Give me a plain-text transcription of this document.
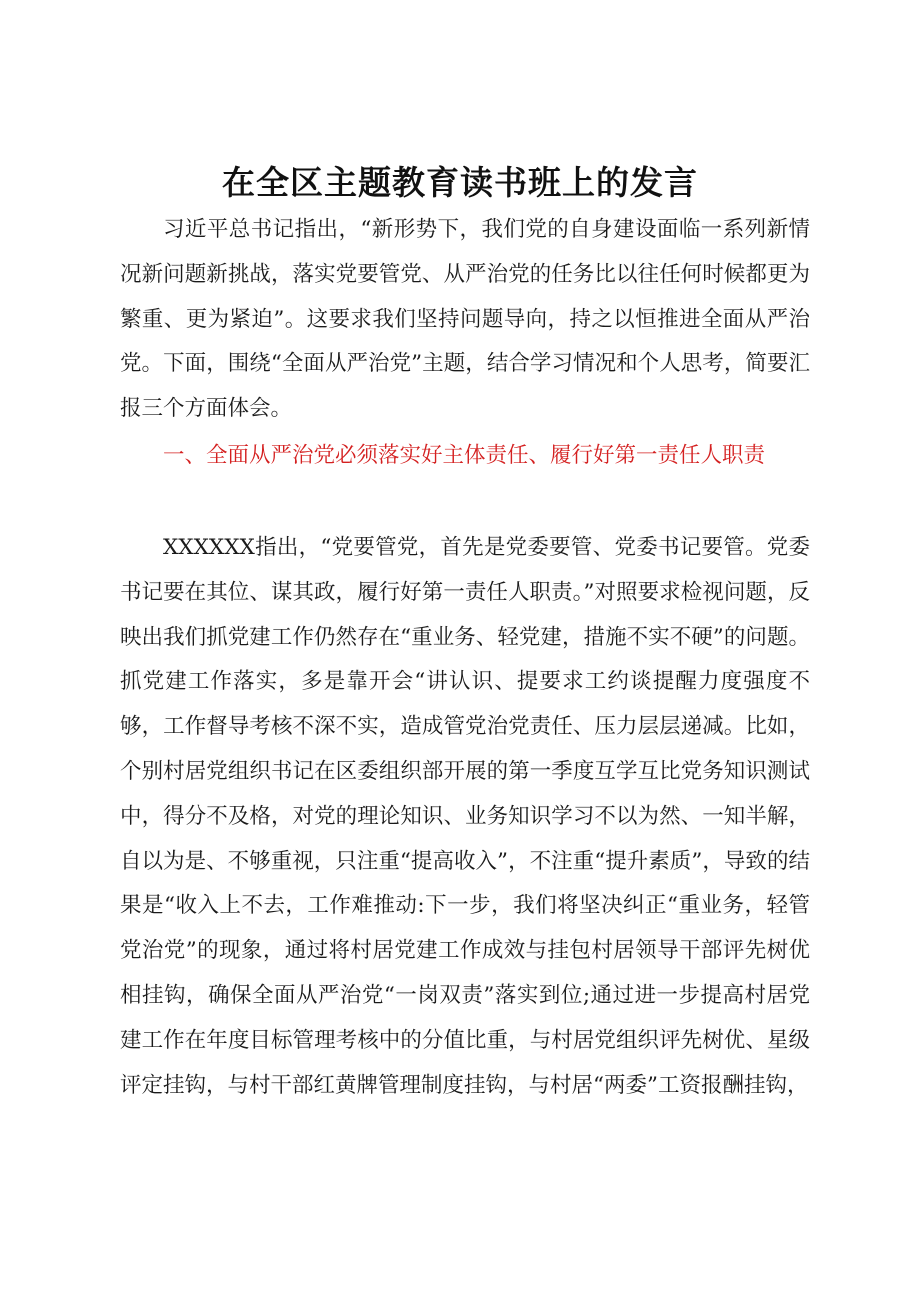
在全区主题教育读书班上的发言

习近平总书记指出，“新形势下，我们党的自身建设面临一系列新情况新问题新挑战，落实党要管党、从严治党的任务比以往任何时候都更为繁重、更为紧迫”。这要求我们坚持问题导向，持之以恒推进全面从严治党。下面，围绕“全面从严治党”主题，结合学习情况和个人思考，简要汇报三个方面体会。

一、全面从严治党必须落实好主体责任、履行好第一责任人职责

XXXXXX指出，“党要管党，首先是党委要管、党委书记要管。党委书记要在其位、谋其政，履行好第一责任人职责。”对照要求检视问题，反映出我们抓党建工作仍然存在“重业务、轻党建，措施不实不硬”的问题。抓党建工作落实，多是靠开会“讲认识、提要求工约谈提醒力度强度不够，工作督导考核不深不实，造成管党治党责任、压力层层递减。比如，个别村居党组织书记在区委组织部开展的第一季度互学互比党务知识测试中，得分不及格，对党的理论知识、业务知识学习不以为然、一知半解，自以为是、不够重视，只注重“提高收入”，不注重“提升素质”，导致的结果是“收入上不去，工作难推动:下一步，我们将坚决纠正“重业务，轻管党治党”的现象，通过将村居党建工作成效与挂包村居领导干部评先树优相挂钩，确保全面从严治党“一岗双责”落实到位;通过进一步提高村居党建工作在年度目标管理考核中的分值比重，与村居党组织评先树优、星级评定挂钩，与村干部红黄牌管理制度挂钩，与村居“两委”工资报酬挂钩，
